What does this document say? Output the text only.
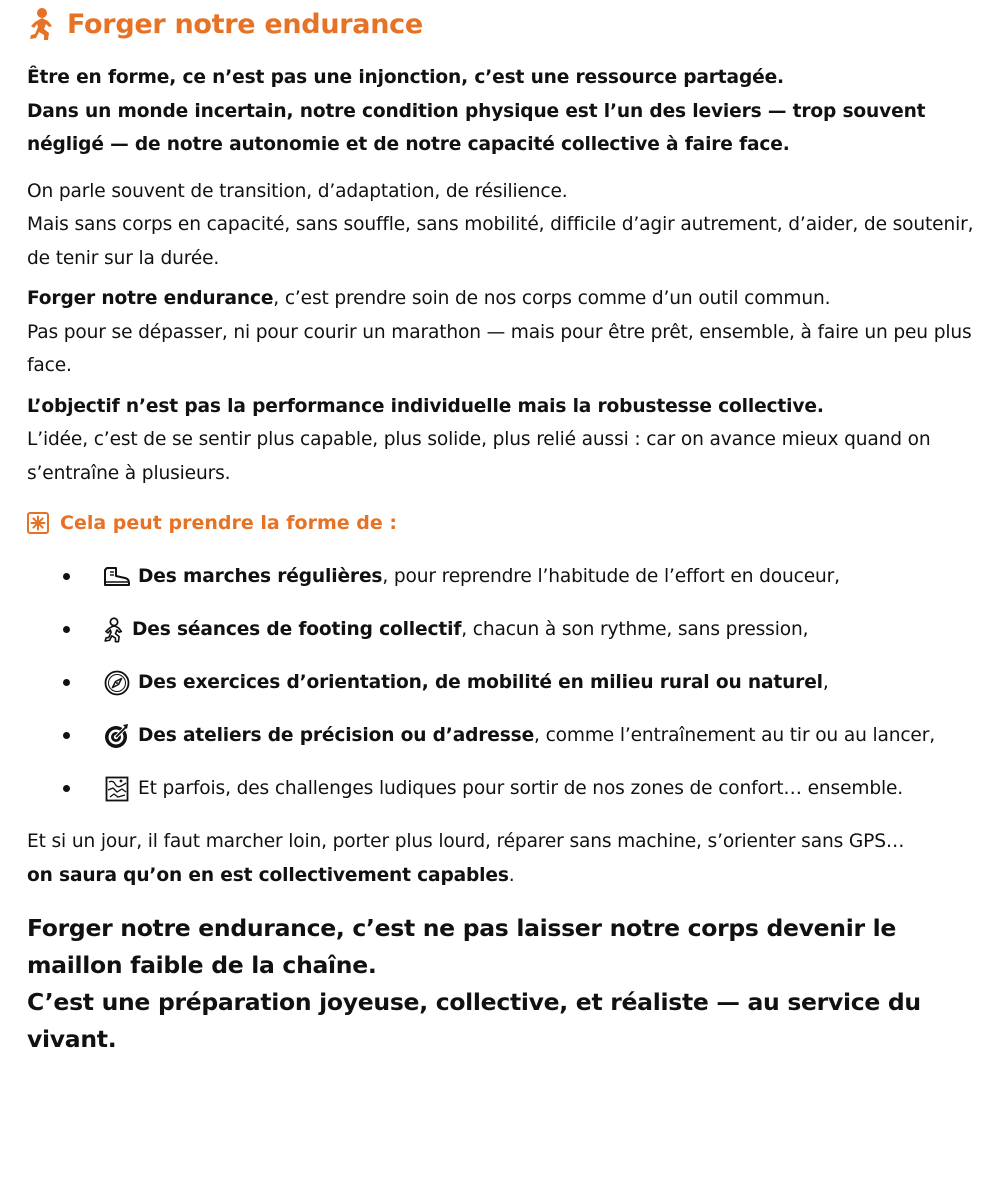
Forger notre endurance

Être en forme, ce n’est pas une injonction, c’est une ressource partagée.
Dans un monde incertain, notre condition physique est l’un des leviers — trop souvent négligé — de notre autonomie et de notre capacité collective à faire face.

On parle souvent de transition, d’adaptation, de résilience.
Mais sans corps en capacité, sans souffle, sans mobilité, difficile d’agir autrement, d’aider, de soutenir, de tenir sur la durée.

Forger notre endurance, c’est prendre soin de nos corps comme d’un outil commun.
Pas pour se dépasser, ni pour courir un marathon — mais pour être prêt, ensemble, à faire un peu plus face.

L’objectif n’est pas la performance individuelle mais la robustesse collective.
L’idée, c’est de se sentir plus capable, plus solide, plus relié aussi : car on avance mieux quand on s’entraîne à plusieurs.

Cela peut prendre la forme de :
Des marches régulières , pour reprendre l’habitude de l’effort en douceur,
Des séances de footing collectif , chacun à son rythme, sans pression,
Des exercices d’orientation, de mobilité en milieu rural ou naturel ,
Des ateliers de précision ou d’adresse , comme l’entraînement au tir ou au lancer,
Et parfois, des challenges ludiques pour sortir de nos zones de confort… ensemble.

Et si un jour, il faut marcher loin, porter plus lourd, réparer sans machine, s’orienter sans GPS…
on saura qu’on en est collectivement capables.

Forger notre endurance, c’est ne pas laisser notre corps devenir le maillon faible de la chaîne.
C’est une préparation joyeuse, collective, et réaliste — au service du vivant.
